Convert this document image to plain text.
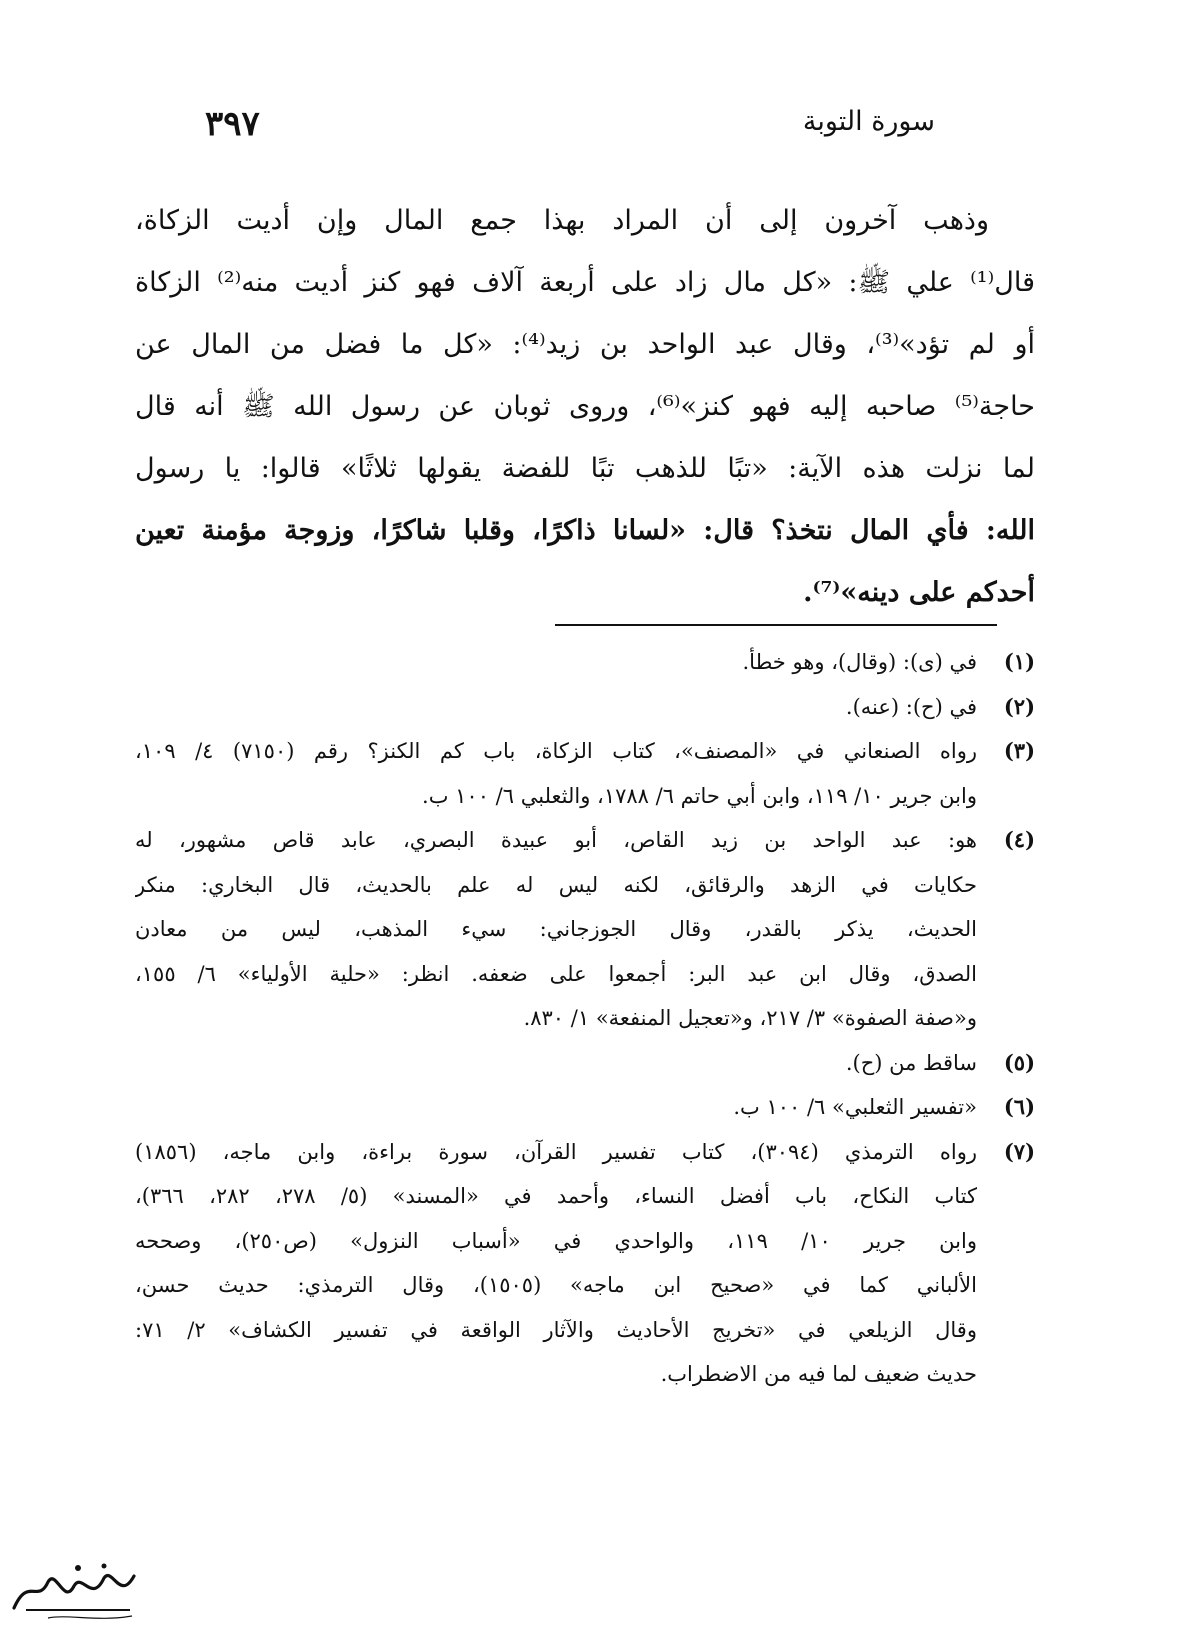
سورة التوبة
٣٩٧
وذهب آخرون إلى أن المراد بهذا جمع المال وإن أديت الزكاة،
قال⁽¹⁾ علي ﷺ: «كل مال زاد على أربعة آلاف فهو كنز أديت منه⁽²⁾ الزكاة
أو لم تؤد»⁽³⁾، وقال عبد الواحد بن زيد⁽⁴⁾: «كل ما فضل من المال عن
حاجة⁽⁵⁾ صاحبه إليه فهو كنز»⁽⁶⁾، وروى ثوبان عن رسول الله ﷺ أنه قال
لما نزلت هذه الآية: «تبًا للذهب تبًا للفضة يقولها ثلاثًا» قالوا: يا رسول
الله: فأي المال نتخذ؟ قال: «لسانا ذاكرًا، وقلبا شاكرًا، وزوجة مؤمنة تعين
أحدكم على دينه»⁽⁷⁾.
(١)
في (ى): (وقال)، وهو خطأ.
(٢)
في (ح): (عنه).
(٣)
رواه الصنعاني في «المصنف»، كتاب الزكاة، باب كم الكنز؟ رقم (٧١٥٠) ٤/ ١٠٩،
وابن جرير ١٠/ ١١٩، وابن أبي حاتم ٦/ ١٧٨٨، والثعلبي ٦/ ١٠٠ ب.
(٤)
هو: عبد الواحد بن زيد القاص، أبو عبيدة البصري، عابد قاص مشهور، له
حكايات في الزهد والرقائق، لكنه ليس له علم بالحديث، قال البخاري: منكر
الحديث، يذكر بالقدر، وقال الجوزجاني: سيء المذهب، ليس من معادن
الصدق، وقال ابن عبد البر: أجمعوا على ضعفه. انظر: «حلية الأولياء» ٦/ ١٥٥،
و«صفة الصفوة» ٣/ ٢١٧، و«تعجيل المنفعة» ١/ ٨٣٠.
(٥)
ساقط من (ح).
(٦)
«تفسير الثعلبي» ٦/ ١٠٠ ب.
(٧)
رواه الترمذي (٣٠٩٤)، كتاب تفسير القرآن، سورة براءة، وابن ماجه، (١٨٥٦)
كتاب النكاح، باب أفضل النساء، وأحمد في «المسند» (٥/ ٢٧٨، ٢٨٢، ٣٦٦)،
وابن جرير ١٠/ ١١٩، والواحدي في «أسباب النزول» (ص٢٥٠)، وصححه
الألباني كما في «صحيح ابن ماجه» (١٥٠٥)، وقال الترمذي: حديث حسن،
وقال الزيلعي في «تخريج الأحاديث والآثار الواقعة في تفسير الكشاف» ٢/ ٧١:
حديث ضعيف لما فيه من الاضطراب.
